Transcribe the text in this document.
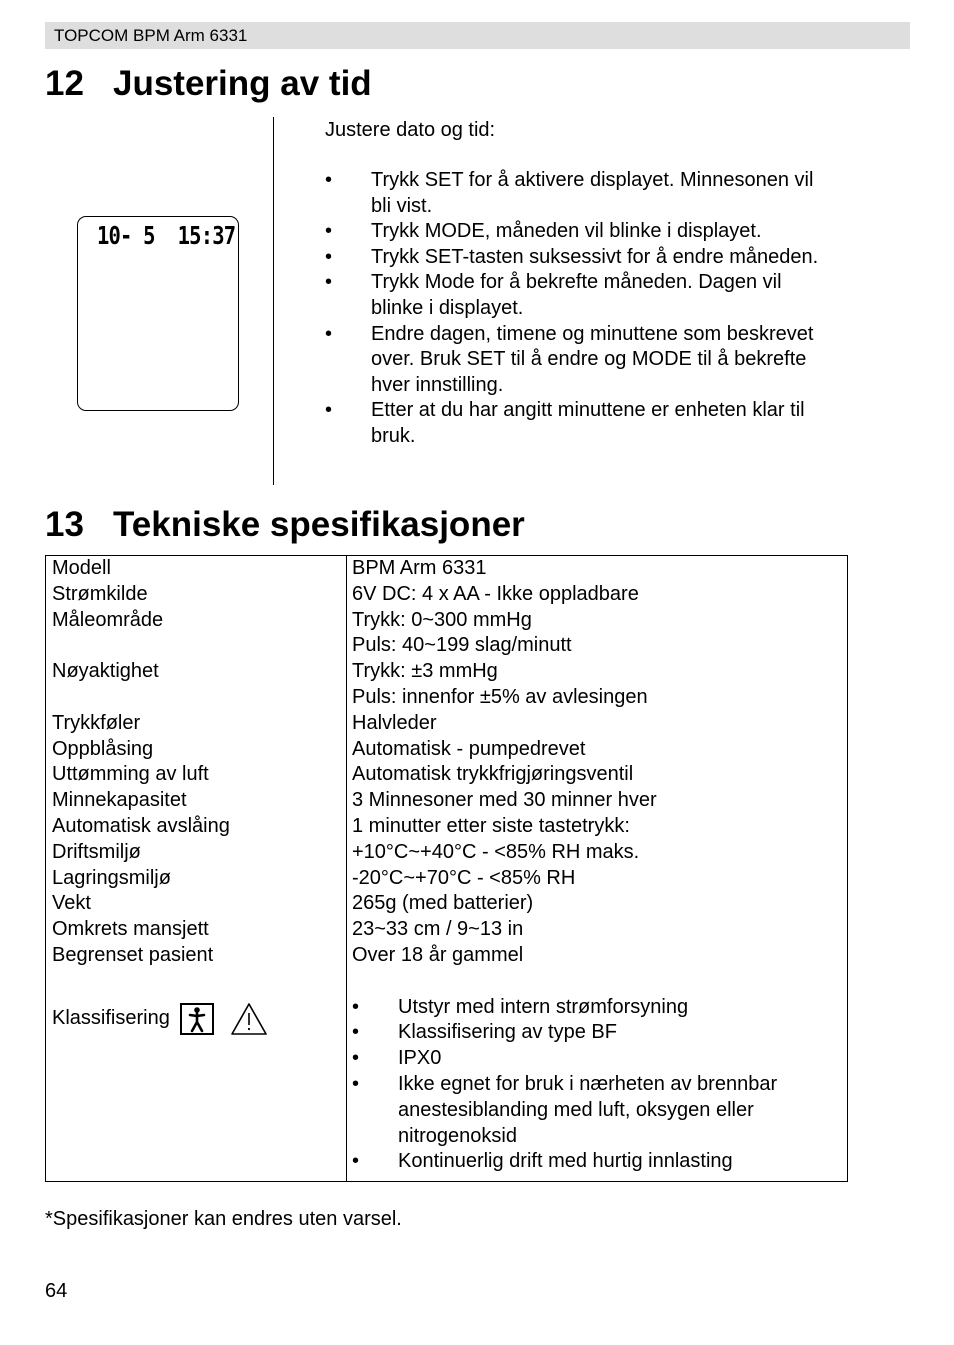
TOPCOM BPM Arm 6331
12 Justering av tid
10- 5  15:37
Justere dato og tid:
• Trykk SET for å aktivere displayet. Minnesonen vil bli vist.
• Trykk MODE, måneden vil blinke i displayet.
• Trykk SET-tasten suksessivt for å endre måneden.
• Trykk Mode for å bekrefte måneden. Dagen vil blinke i displayet.
• Endre dagen, timene og minuttene som beskrevet over. Bruk SET til å endre og MODE til å bekrefte hver innstilling.
• Etter at du har angitt minuttene er enheten klar til bruk.
13 Tekniske spesifikasjoner
Modell
Strømkilde
Måleområde
Nøyaktighet
Trykkføler
Oppblåsing
Uttømming av luft
Minnekapasitet
Automatisk avslåing
Driftsmiljø
Lagringsmiljø
Vekt
Omkrets mansjett
Begrenset pasient
Klassifisering
BPM Arm 6331
6V DC: 4 x AA - Ikke oppladbare
Trykk: 0~300 mmHg
Puls: 40~199 slag/minutt
Trykk: ±3 mmHg
Puls: innenfor ±5% av avlesingen
Halvleder
Automatisk - pumpedrevet
Automatisk trykkfrigjøringsventil
3 Minnesoner med 30 minner hver
1 minutter etter siste tastetrykk:
+10°C~+40°C - <85% RH maks.
-20°C~+70°C - <85% RH
265g (med batterier)
23~33 cm / 9~13 in
Over 18 år gammel
• Utstyr med intern strømforsyning
• Klassifisering av type BF
• IPX0
• Ikke egnet for bruk i nærheten av brennbar anestesiblanding med luft, oksygen eller nitrogenoksid
• Kontinuerlig drift med hurtig innlasting
*Spesifikasjoner kan endres uten varsel.
64
